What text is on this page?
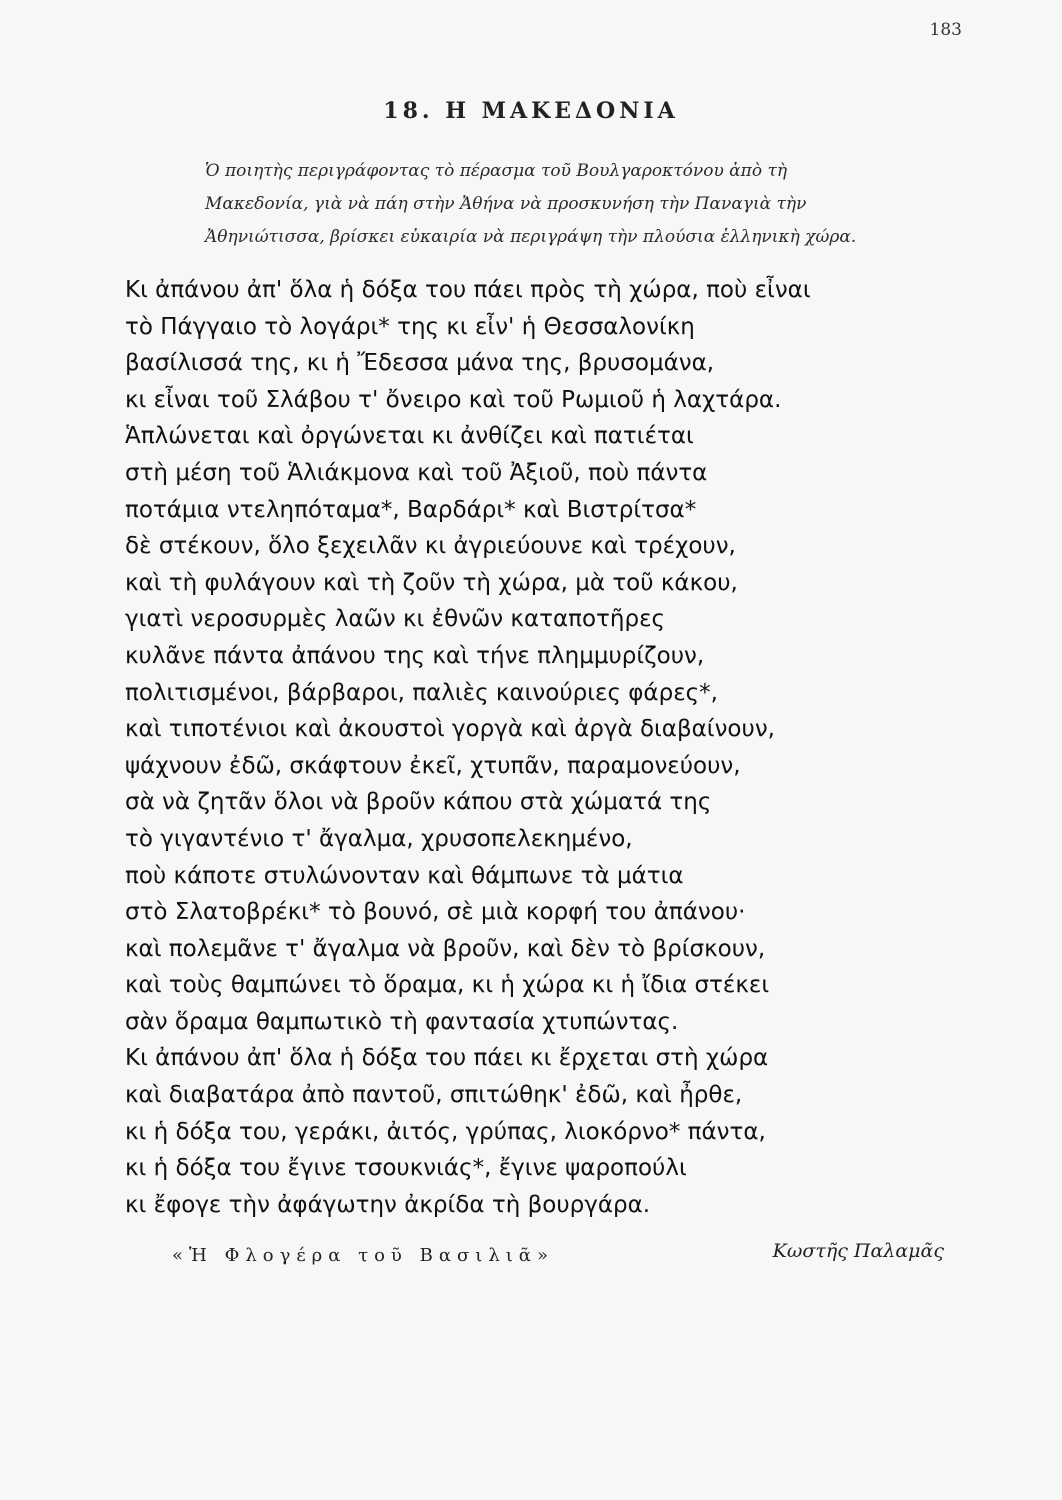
183
18. Η ΜΑΚΕΔΟΝΙΑ
Ὁ ποιητὴς περιγράφοντας τὸ πέρασμα τοῦ Βουλγαροκτόνου ἀπὸ τὴ
Μακεδονία, γιὰ νὰ πάη στὴν Ἀθήνα νὰ προσκυνήση τὴν Παναγιὰ τὴν
Ἀθηνιώτισσα, βρίσκει εὐκαιρία νὰ περιγράψη τὴν πλούσια ἑλληνικὴ χώρα.
Κι ἀπάνου ἀπ' ὅλα ἡ δόξα του πάει πρὸς τὴ χώρα, ποὺ εἶναι
τὸ Πάγγαιο τὸ λογάρι* της κι εἶν' ἡ Θεσσαλονίκη
βασίλισσά της, κι ἡ Ἔδεσσα μάνα της, βρυσομάνα,
κι εἶναι τοῦ Σλάβου τ' ὄνειρο καὶ τοῦ Ρωμιοῦ ἡ λαχτάρα.
Ἁπλώνεται καὶ ὀργώνεται κι ἀνθίζει καὶ πατιέται
στὴ μέση τοῦ Ἁλιάκμονα καὶ τοῦ Ἀξιοῦ, ποὺ πάντα
ποτάμια ντεληπόταμα*, Βαρδάρι* καὶ Βιστρίτσα*
δὲ στέκουν, ὅλο ξεχειλᾶν κι ἀγριεύουνε καὶ τρέχουν,
καὶ τὴ φυλάγουν καὶ τὴ ζοῦν τὴ χώρα, μὰ τοῦ κάκου,
γιατὶ νεροσυρμὲς λαῶν κι ἐθνῶν καταποτῆρες
κυλᾶνε πάντα ἀπάνου της καὶ τήνε πλημμυρίζουν,
πολιτισμένοι, βάρβαροι, παλιὲς καινούριες φάρες*,
καὶ τιποτένιοι καὶ ἀκουστοὶ γοργὰ καὶ ἀργὰ διαβαίνουν,
ψάχνουν ἐδῶ, σκάφτουν ἐκεῖ, χτυπᾶν, παραμονεύουν,
σὰ νὰ ζητᾶν ὅλοι νὰ βροῦν κάπου στὰ χώματά της
τὸ γιγαντένιο τ' ἄγαλμα, χρυσοπελεκημένο,
ποὺ κάποτε στυλώνονταν καὶ θάμπωνε τὰ μάτια
στὸ Σλατοβρέκι* τὸ βουνό, σὲ μιὰ κορφή του ἀπάνου·
καὶ πολεμᾶνε τ' ἄγαλμα νὰ βροῦν, καὶ δὲν τὸ βρίσκουν,
καὶ τοὺς θαμπώνει τὸ ὅραμα, κι ἡ χώρα κι ἡ ἴδια στέκει
σὰν ὅραμα θαμπωτικὸ τὴ φαντασία χτυπώντας.
Κι ἀπάνου ἀπ' ὅλα ἡ δόξα του πάει κι ἔρχεται στὴ χώρα
καὶ διαβατάρα ἀπὸ παντοῦ, σπιτώθηκ' ἐδῶ, καὶ ἦρθε,
κι ἡ δόξα του, γεράκι, ἀιτός, γρύπας, λιοκόρνο* πάντα,
κι ἡ δόξα του ἔγινε τσουκνιάς*, ἔγινε ψαροπούλι
κι ἔφογε τὴν ἀφάγωτην ἀκρίδα τὴ βουργάρα.
«Ἡ Φλογέρα τοῦ Βασιλιᾶ»	Κωστῆς Παλαμᾶς
